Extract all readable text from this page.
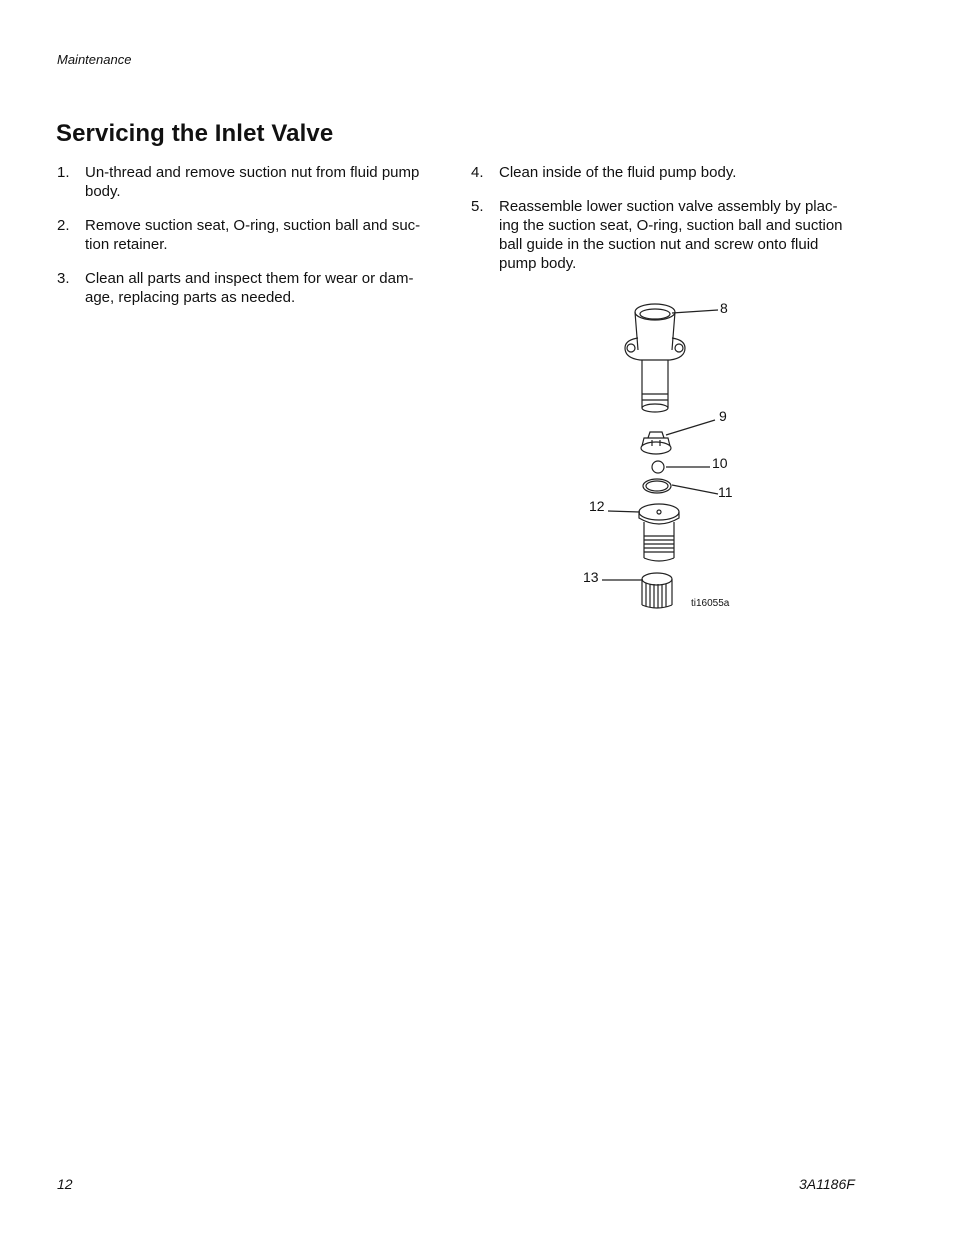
Maintenance
Servicing the Inlet Valve
1. Un-thread and remove suction nut from fluid pump body.
2. Remove suction seat, O-ring, suction ball and suc-tion retainer.
3. Clean all parts and inspect them for wear or dam-age, replacing parts as needed.
4. Clean inside of the fluid pump body.
5. Reassemble lower suction valve assembly by plac-ing the suction seat, O-ring, suction ball and suction ball guide in the suction nut and screw onto fluid pump body.
8
9
10
11
12
13
ti16055a
12	3A1186F
